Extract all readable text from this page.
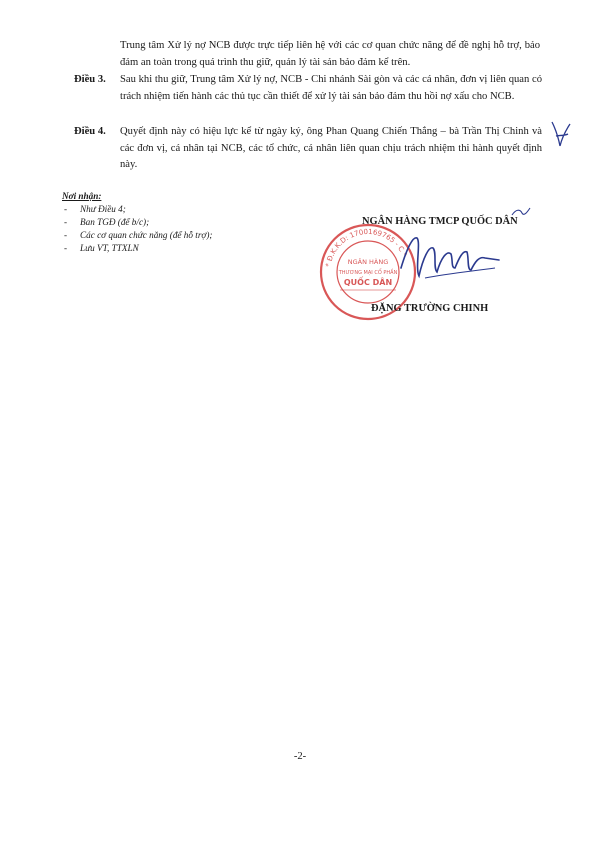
Trung tâm Xử lý nợ NCB được trực tiếp liên hệ với các cơ quan chức năng để đề nghị hỗ trợ, bảo đảm an toàn trong quá trình thu giữ, quản lý tài sản bảo đảm kể trên.
Điều 3. Sau khi thu giữ, Trung tâm Xử lý nợ, NCB - Chi nhánh Sài gòn và các cá nhân, đơn vị liên quan có trách nhiệm tiến hành các thủ tục cần thiết để xử lý tài sản bảo đảm thu hồi nợ xấu cho NCB.
Điều 4. Quyết định này có hiệu lực kể từ ngày ký, ông Phan Quang Chiến Thắng – bà Trần Thị Chinh và các đơn vị, cá nhân tại NCB, các tổ chức, cá nhân liên quan chịu trách nhiệm thi hành quyết định này.
Nơi nhận:
- Như Điều 4;
- Ban TGĐ (để b/c);
- Các cơ quan chức năng (để hỗ trợ);
- Lưu VT, TTXLN
* Đ.K.K.D: 1700169765 - C *
NGÂN HÀNG
THƯƠNG MẠI CỔ PHẦN
QUỐC DÂN
NGÂN HÀNG TMCP QUỐC DÂN
ĐẶNG TRƯỜNG CHINH
-2-
